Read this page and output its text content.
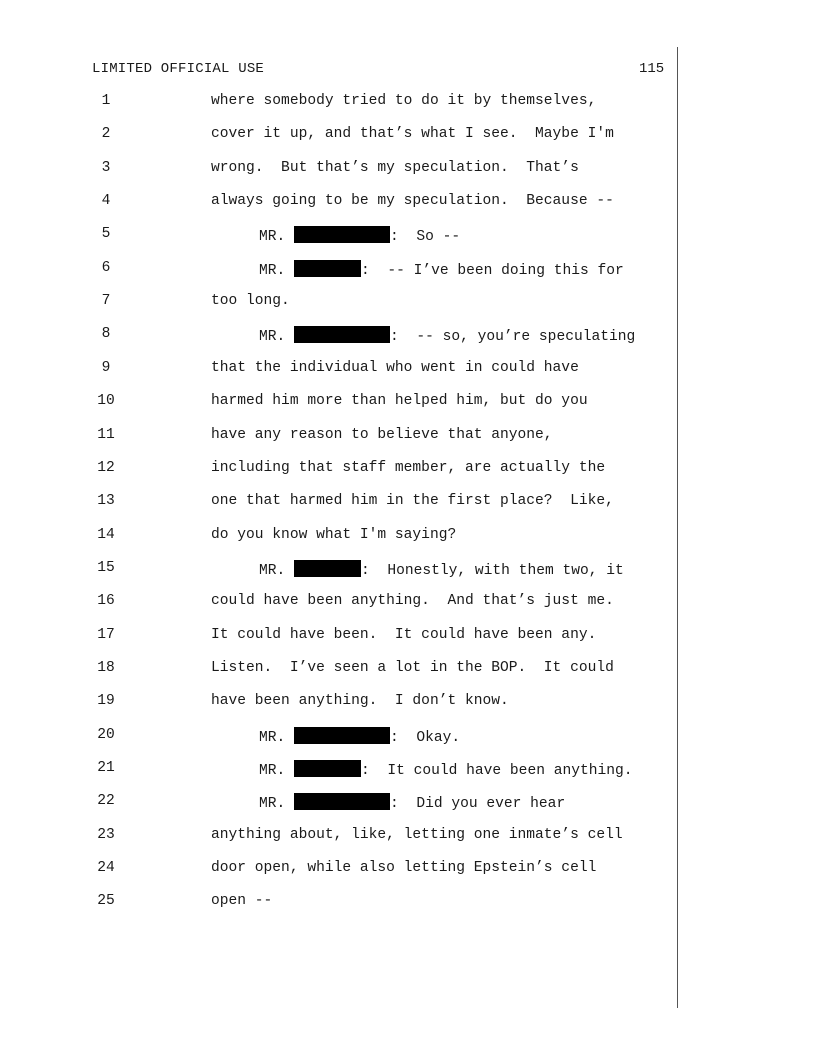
LIMITED OFFICIAL USE	115
1	where somebody tried to do it by themselves,
2	cover it up, and that’s what I see.  Maybe I'm
3	wrong.  But that’s my speculation.  That’s
4	always going to be my speculation.  Because --
5	MR.	:  So --
6	MR.	:  -- I’ve been doing this for
7	too long.
8	MR.	:  -- so, you’re speculating
9	that the individual who went in could have
10	harmed him more than helped him, but do you
11	have any reason to believe that anyone,
12	including that staff member, are actually the
13	one that harmed him in the first place?  Like,
14	do you know what I'm saying?
15	MR.	:  Honestly, with them two, it
16	could have been anything.  And that’s just me.
17	It could have been.  It could have been any.
18	Listen.  I’ve seen a lot in the BOP.  It could
19	have been anything.  I don’t know.
20	MR.	:  Okay.
21	MR.	:  It could have been anything.
22	MR.	:  Did you ever hear
23	anything about, like, letting one inmate’s cell
24	door open, while also letting Epstein’s cell
25	open --
